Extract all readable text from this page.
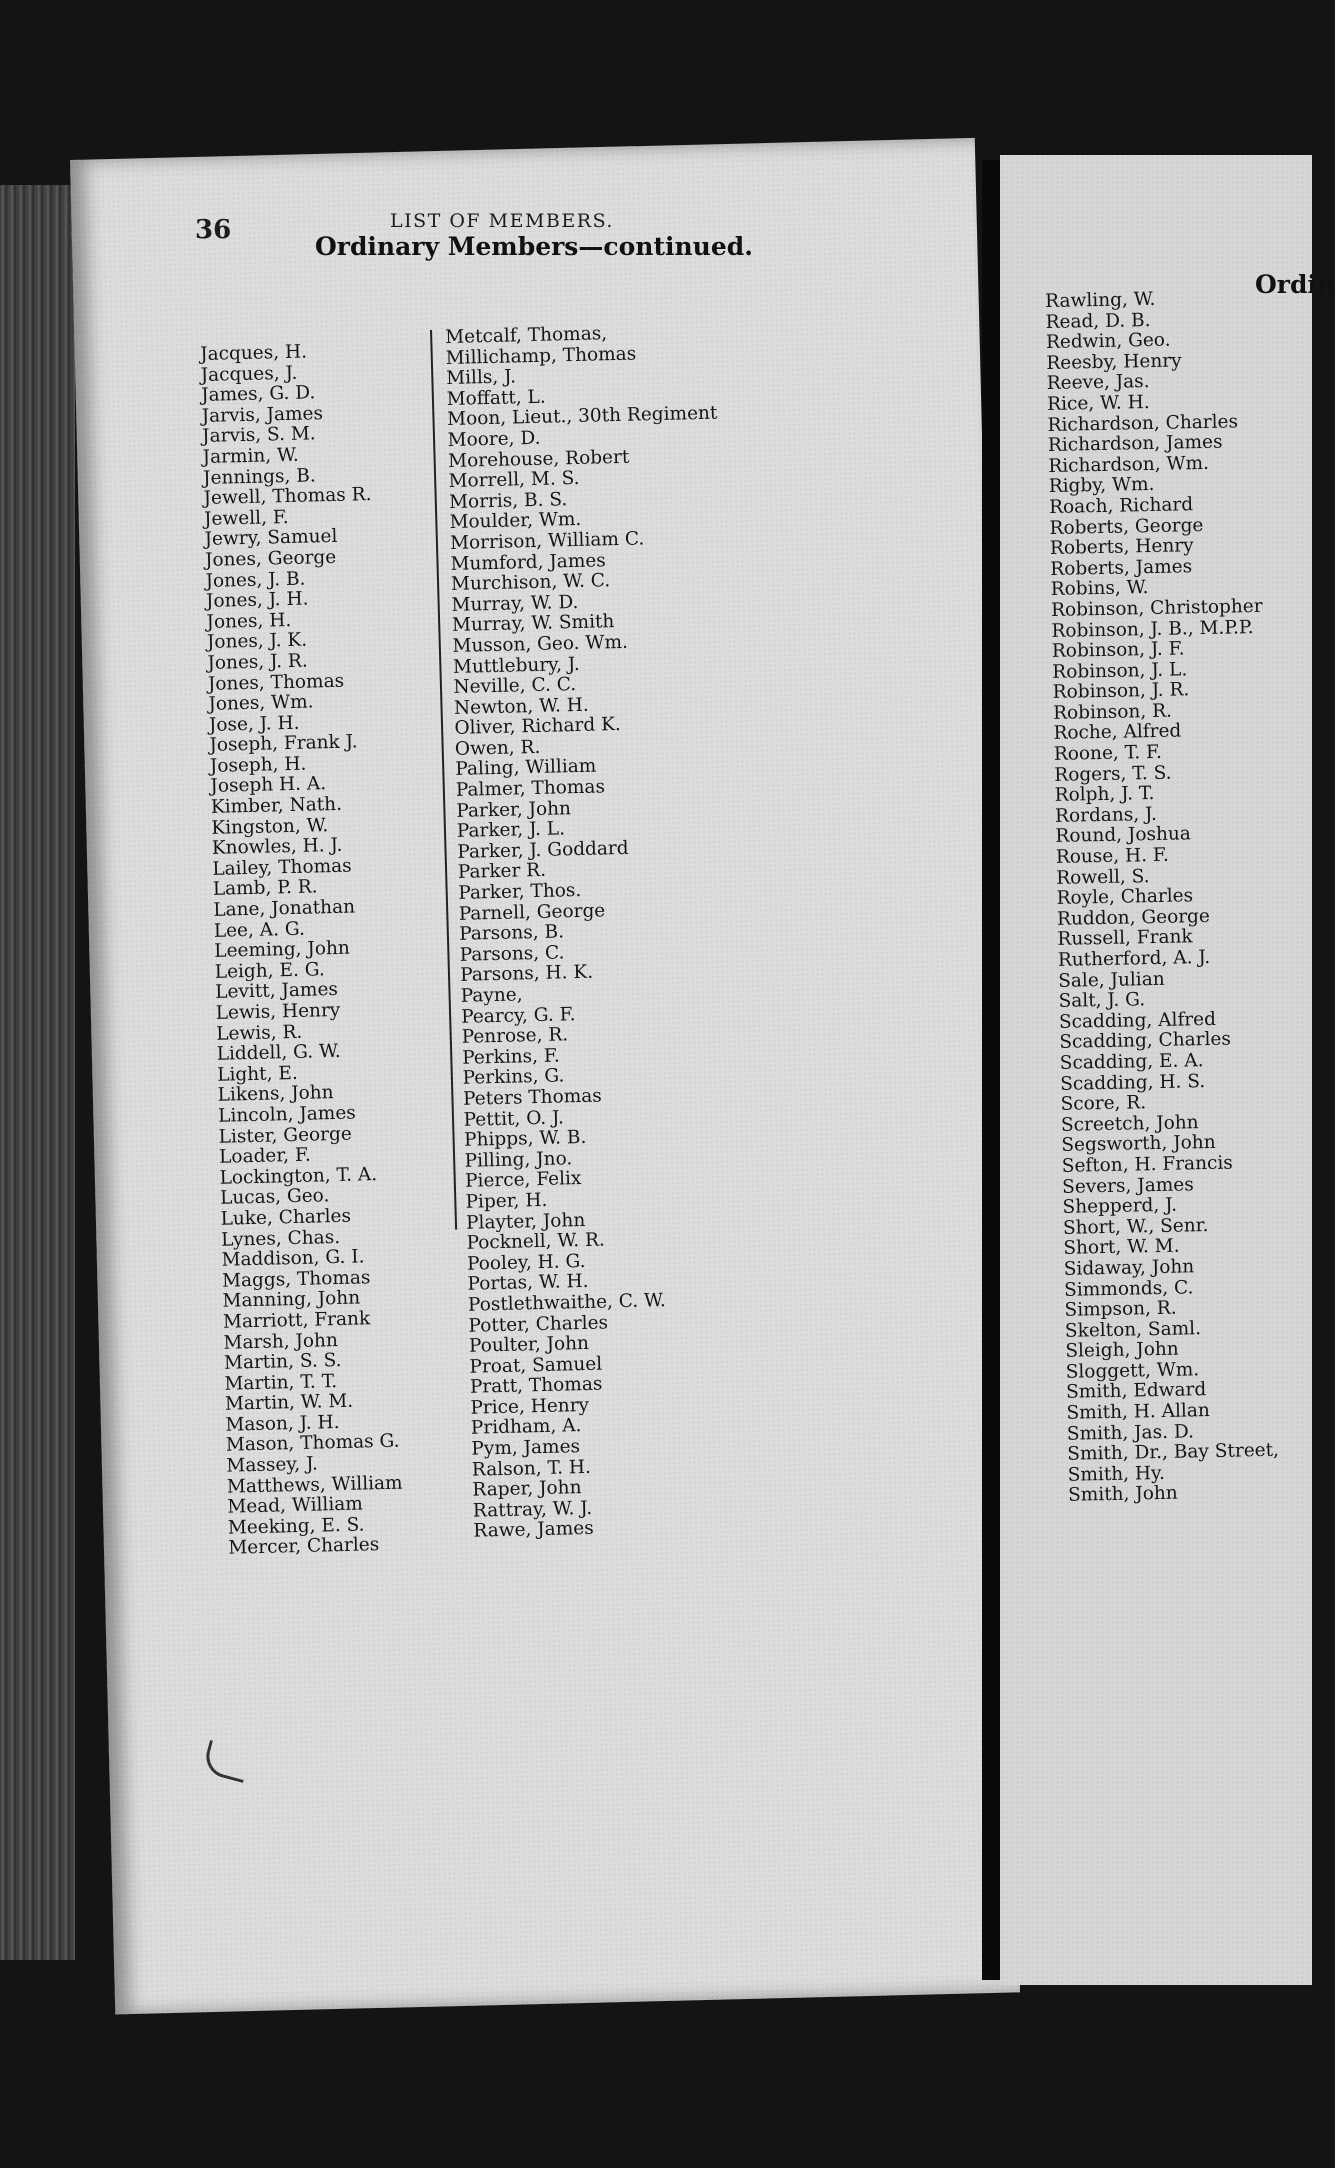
36	LIST OF MEMBERS.
Ordinary Members—continued.
Jacques, H.
Jacques, J.
James, G. D.
Jarvis, James
Jarvis, S. M.
Jarmin, W.
Jennings, B.
Jewell, Thomas R.
Jewell, F.
Jewry, Samuel
Jones, George
Jones, J. B.
Jones, J. H.
Jones, H.
Jones, J. K.
Jones, J. R.
Jones, Thomas
Jones, Wm.
Jose, J. H.
Joseph, Frank J.
Joseph, H.
Joseph H. A.
Kimber, Nath.
Kingston, W.
Knowles, H. J.
Lailey, Thomas
Lamb, P. R.
Lane, Jonathan
Lee, A. G.
Leeming, John
Leigh, E. G.
Levitt, James
Lewis, Henry
Lewis, R.
Liddell, G. W.
Light, E.
Likens, John
Lincoln, James
Lister, George
Loader, F.
Lockington, T. A.
Lucas, Geo.
Luke, Charles
Lynes, Chas.
Maddison, G. I.
Maggs, Thomas
Manning, John
Marriott, Frank
Marsh, John
Martin, S. S.
Martin, T. T.
Martin, W. M.
Mason, J. H.
Mason, Thomas G.
Massey, J.
Matthews, William
Mead, William
Meeking, E. S.
Mercer, Charles
Metcalf, Thomas,
Millichamp, Thomas
Mills, J.
Moffatt, L.
Moon, Lieut., 30th Regiment
Moore, D.
Morehouse, Robert
Morrell, M. S.
Morris, B. S.
Moulder, Wm.
Morrison, William C.
Mumford, James
Murchison, W. C.
Murray, W. D.
Murray, W. Smith
Musson, Geo. Wm.
Muttlebury, J.
Neville, C. C.
Newton, W. H.
Oliver, Richard K.
Owen, R.
Paling, William
Palmer, Thomas
Parker, John
Parker, J. L.
Parker, J. Goddard
Parker R.
Parker, Thos.
Parnell, George
Parsons, B.
Parsons, C.
Parsons, H. K.
Payne,
Pearcy, G. F.
Penrose, R.
Perkins, F.
Perkins, G.
Peters Thomas
Pettit, O. J.
Phipps, W. B.
Pilling, Jno.
Pierce, Felix
Piper, H.
Playter, John
Pocknell, W. R.
Pooley, H. G.
Portas, W. H.
Postlethwaithe, C. W.
Potter, Charles
Poulter, John
Proat, Samuel
Pratt, Thomas
Price, Henry
Pridham, A.
Pym, James
Ralson, T. H.
Raper, John
Rattray, W. J.
Rawe, James
Ordin
Rawling, W.
Read, D. B.
Redwin, Geo.
Reesby, Henry
Reeve, Jas.
Rice, W. H.
Richardson, Charles
Richardson, James
Richardson, Wm.
Rigby, Wm.
Roach, Richard
Roberts, George
Roberts, Henry
Roberts, James
Robins, W.
Robinson, Christopher
Robinson, J. B., M.P.P.
Robinson, J. F.
Robinson, J. L.
Robinson, J. R.
Robinson, R.
Roche, Alfred
Roone, T. F.
Rogers, T. S.
Rolph, J. T.
Rordans, J.
Round, Joshua
Rouse, H. F.
Rowell, S.
Royle, Charles
Ruddon, George
Russell, Frank
Rutherford, A. J.
Sale, Julian
Salt, J. G.
Scadding, Alfred
Scadding, Charles
Scadding, E. A.
Scadding, H. S.
Score, R.
Screetch, John
Segsworth, John
Sefton, H. Francis
Severs, James
Shepperd, J.
Short, W., Senr.
Short, W. M.
Sidaway, John
Simmonds, C.
Simpson, R.
Skelton, Saml.
Sleigh, John
Sloggett, Wm.
Smith, Edward
Smith, H. Allan
Smith, Jas. D.
Smith, Dr., Bay Street,
Smith, Hy.
Smith, John
